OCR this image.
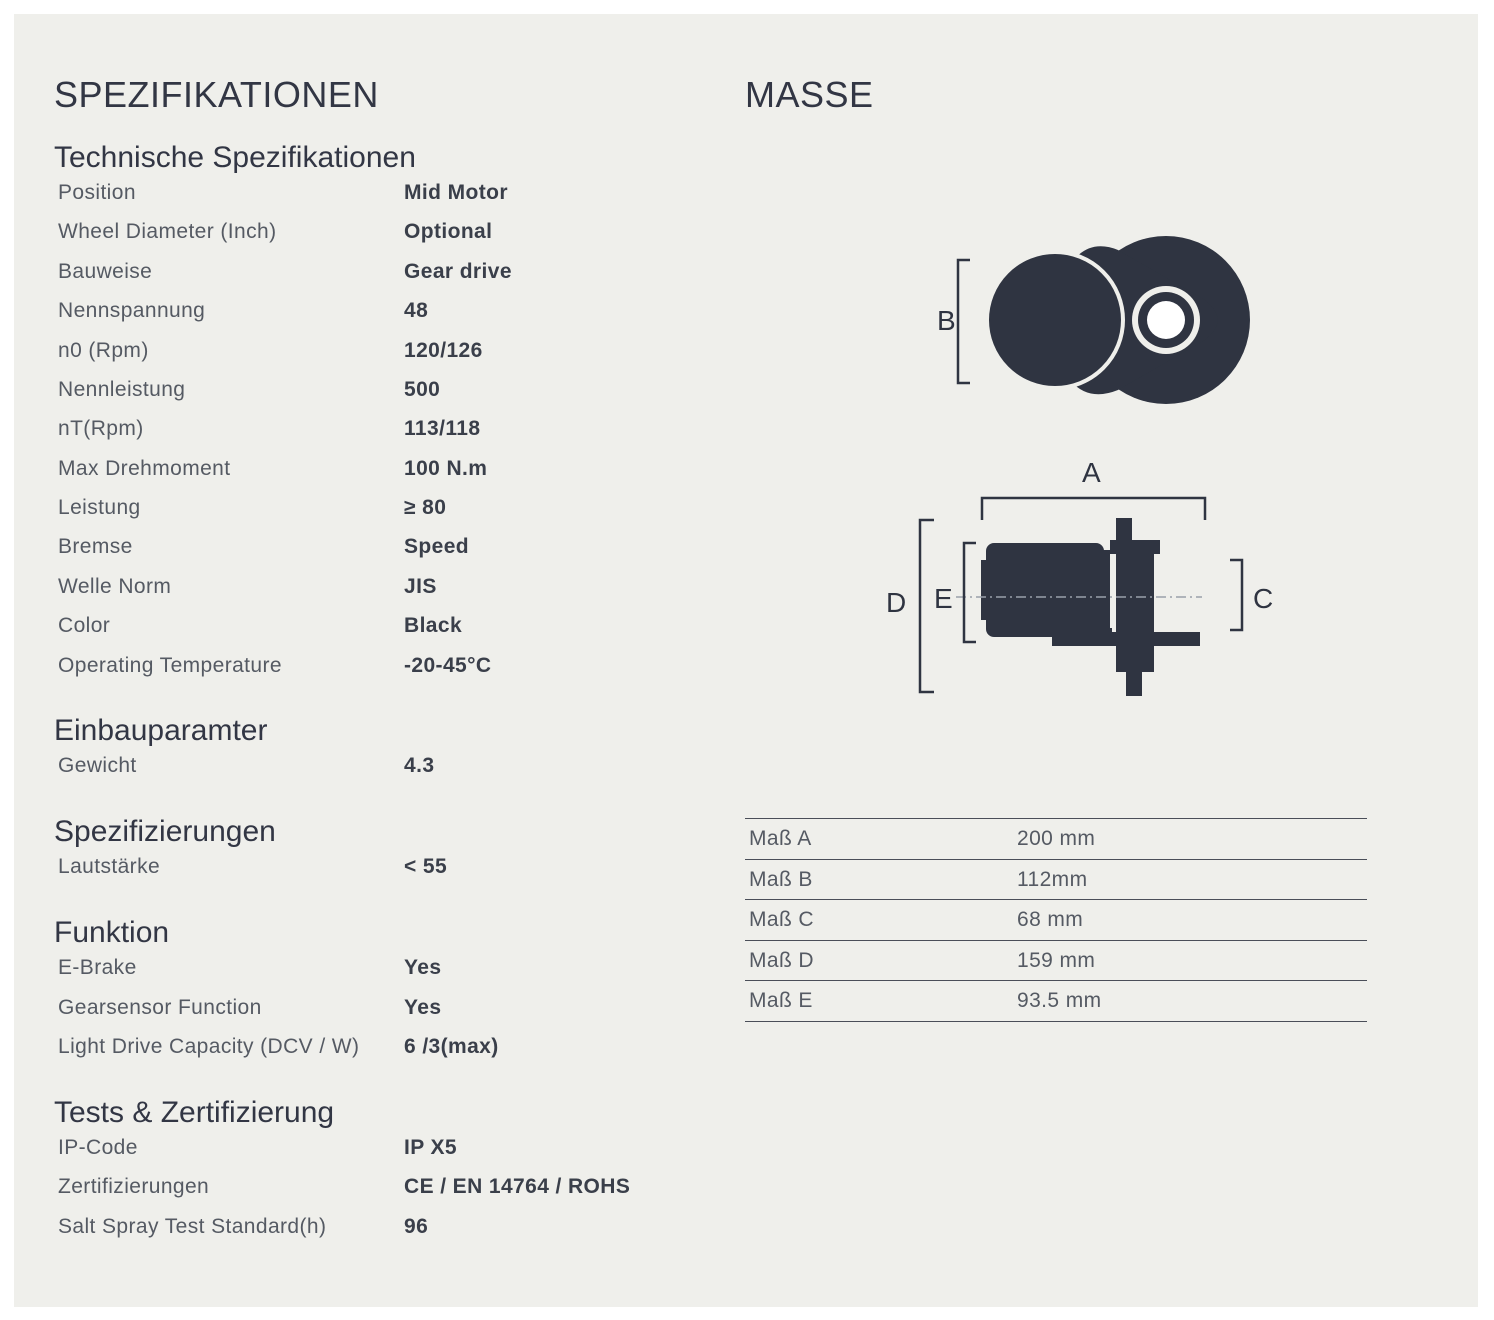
SPEZIFIKATIONEN	MASSE
Technische Spezifikationen
Position	Mid Motor
Wheel Diameter (Inch)	Optional
Bauweise	Gear drive
Nennspannung	48
n0 (Rpm)	120/126
Nennleistung	500
nT(Rpm)	113/118
Max Drehmoment	100 N.m
Leistung	≥ 80
Bremse	Speed
Welle Norm	JIS
Color	Black
Operating Temperature	-20-45°C
Einbauparamter
Gewicht	4.3
Spezifizierungen
Lautstärke	< 55
Funktion
E-Brake	Yes
Gearsensor Function	Yes
Light Drive Capacity (DCV / W) 6 /3(max)
Tests & Zertifizierung
IP-Code	IP X5
Zertifizierungen	CE / EN 14764 / ROHS
Salt Spray Test Standard(h)	96
B
A
D E	C
Maß A	200 mm
Maß B	112mm
Maß C	68 mm
Maß D	159 mm
Maß E	93.5 mm
